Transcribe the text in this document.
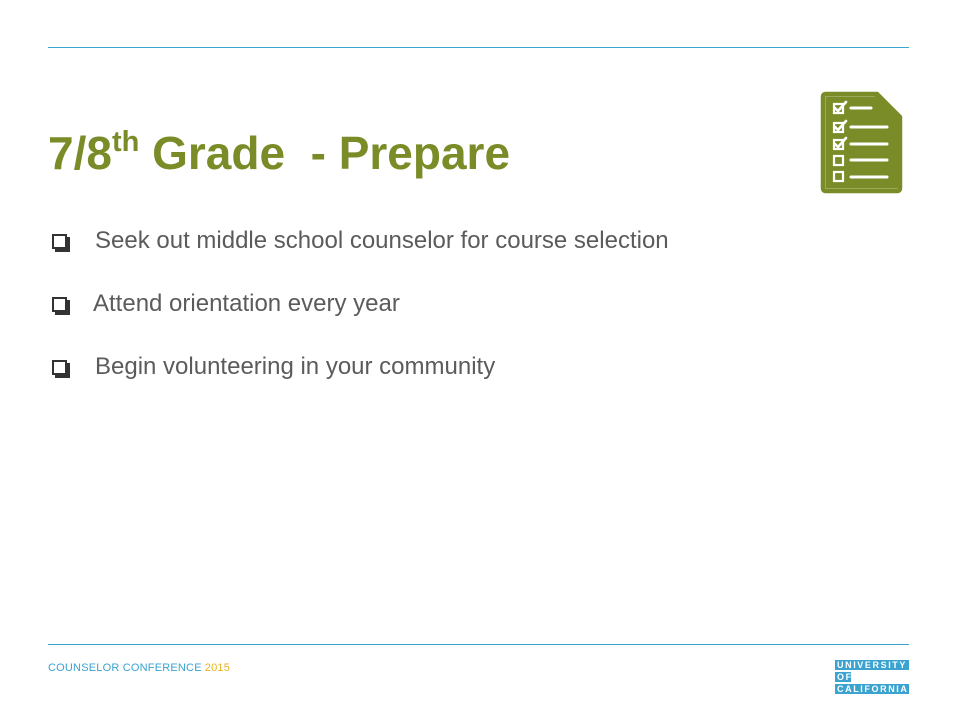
7/8th Grade  - Prepare
Seek out middle school counselor for course selection
Attend orientation every year
Begin volunteering in your community
COUNSELOR CONFERENCE 2015	UNIVERSITY
OF
CALIFORNIA
